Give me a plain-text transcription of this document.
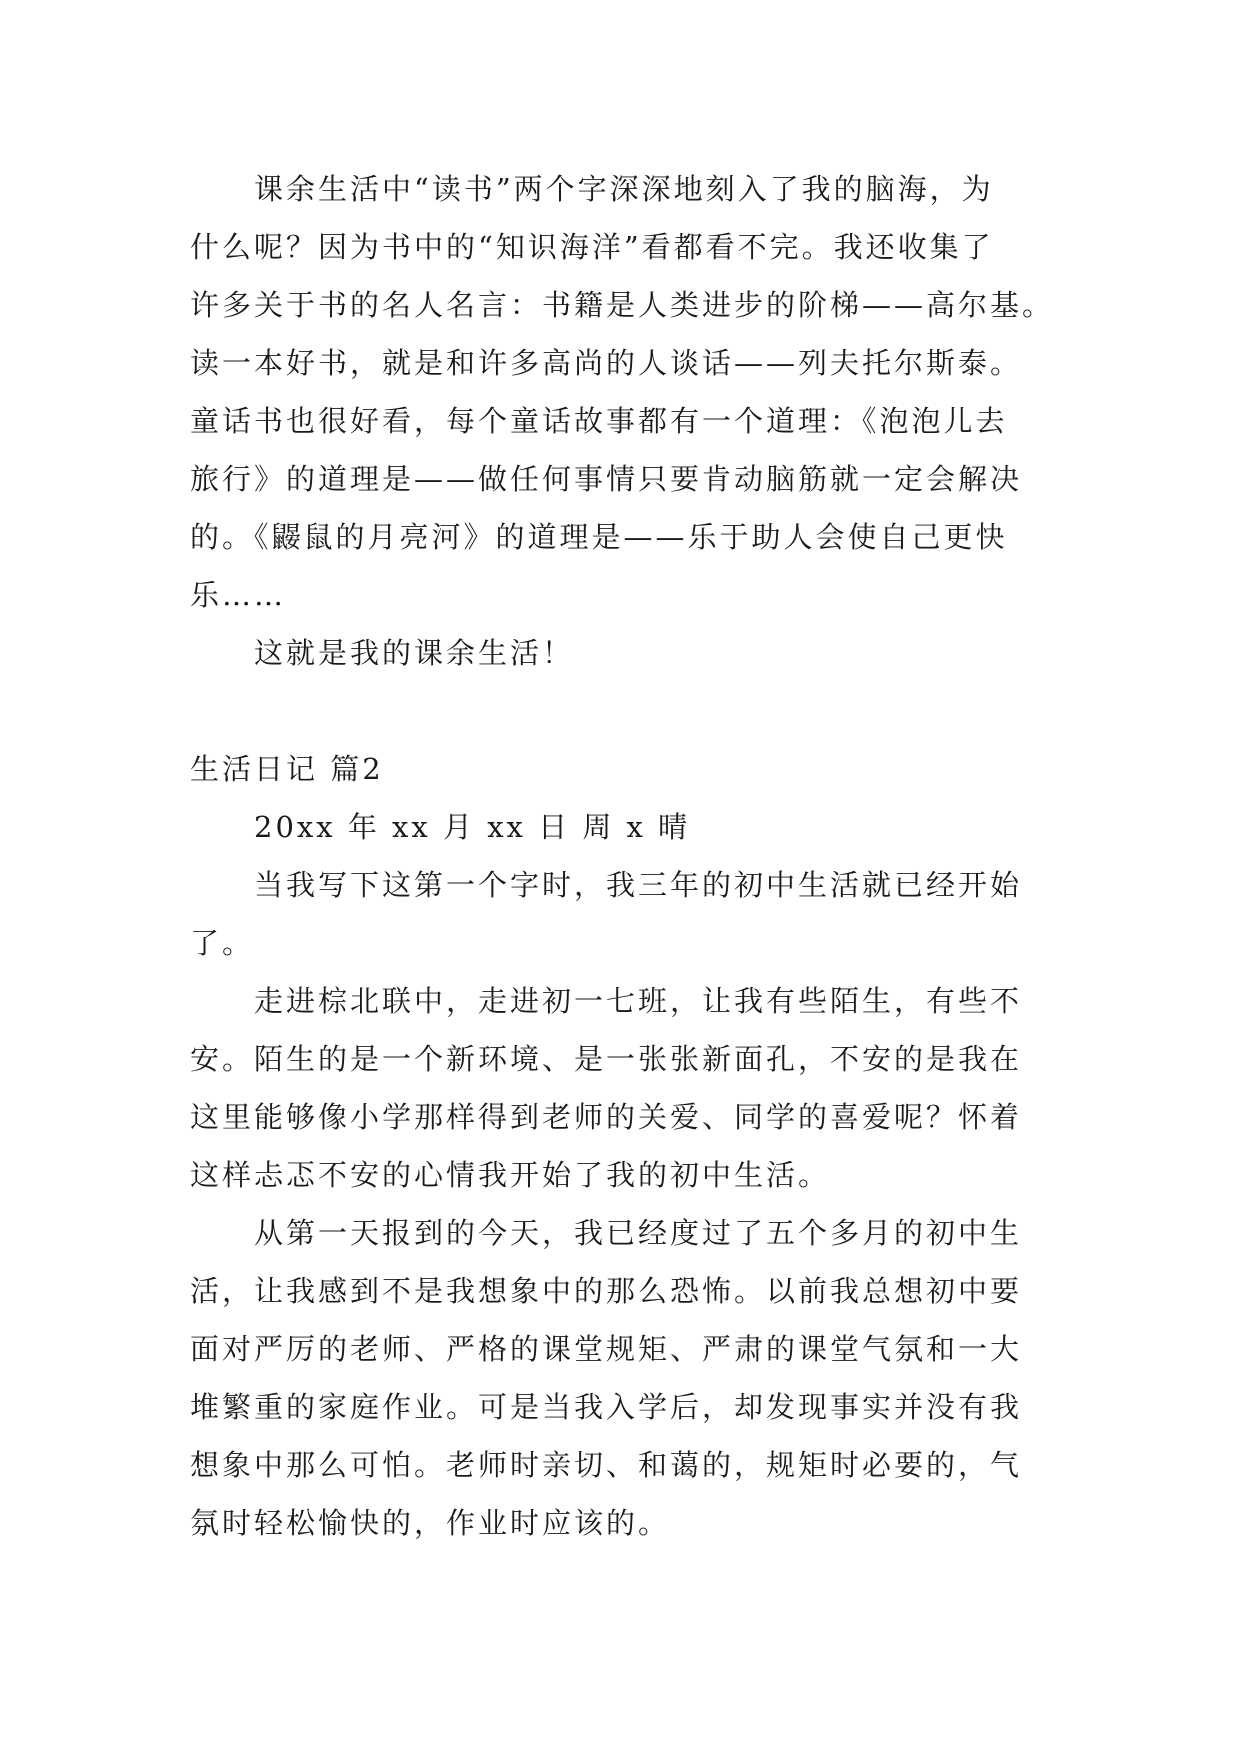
课余生活中“读书”两个字深深地刻入了我的脑海，为
什么呢？因为书中的“知识海洋”看都看不完。我还收集了
许多关于书的名人名言：书籍是人类进步的阶梯——高尔基。
读一本好书，就是和许多高尚的人谈话——列夫托尔斯泰。
童话书也很好看，每个童话故事都有一个道理：《泡泡儿去
旅行》的道理是——做任何事情只要肯动脑筋就一定会解决
的。《鼹鼠的月亮河》的道理是——乐于助人会使自己更快
乐……
这就是我的课余生活！
生活日记 篇2
20xx 年 xx 月 xx 日 周 x 晴
当我写下这第一个字时，我三年的初中生活就已经开始
了。
走进棕北联中，走进初一七班，让我有些陌生，有些不
安。陌生的是一个新环境、是一张张新面孔，不安的是我在
这里能够像小学那样得到老师的关爱、同学的喜爱呢？怀着
这样忐忑不安的心情我开始了我的初中生活。
从第一天报到的今天，我已经度过了五个多月的初中生
活，让我感到不是我想象中的那么恐怖。以前我总想初中要
面对严厉的老师、严格的课堂规矩、严肃的课堂气氛和一大
堆繁重的家庭作业。可是当我入学后，却发现事实并没有我
想象中那么可怕。老师时亲切、和蔼的，规矩时必要的，气
氛时轻松愉快的，作业时应该的。
